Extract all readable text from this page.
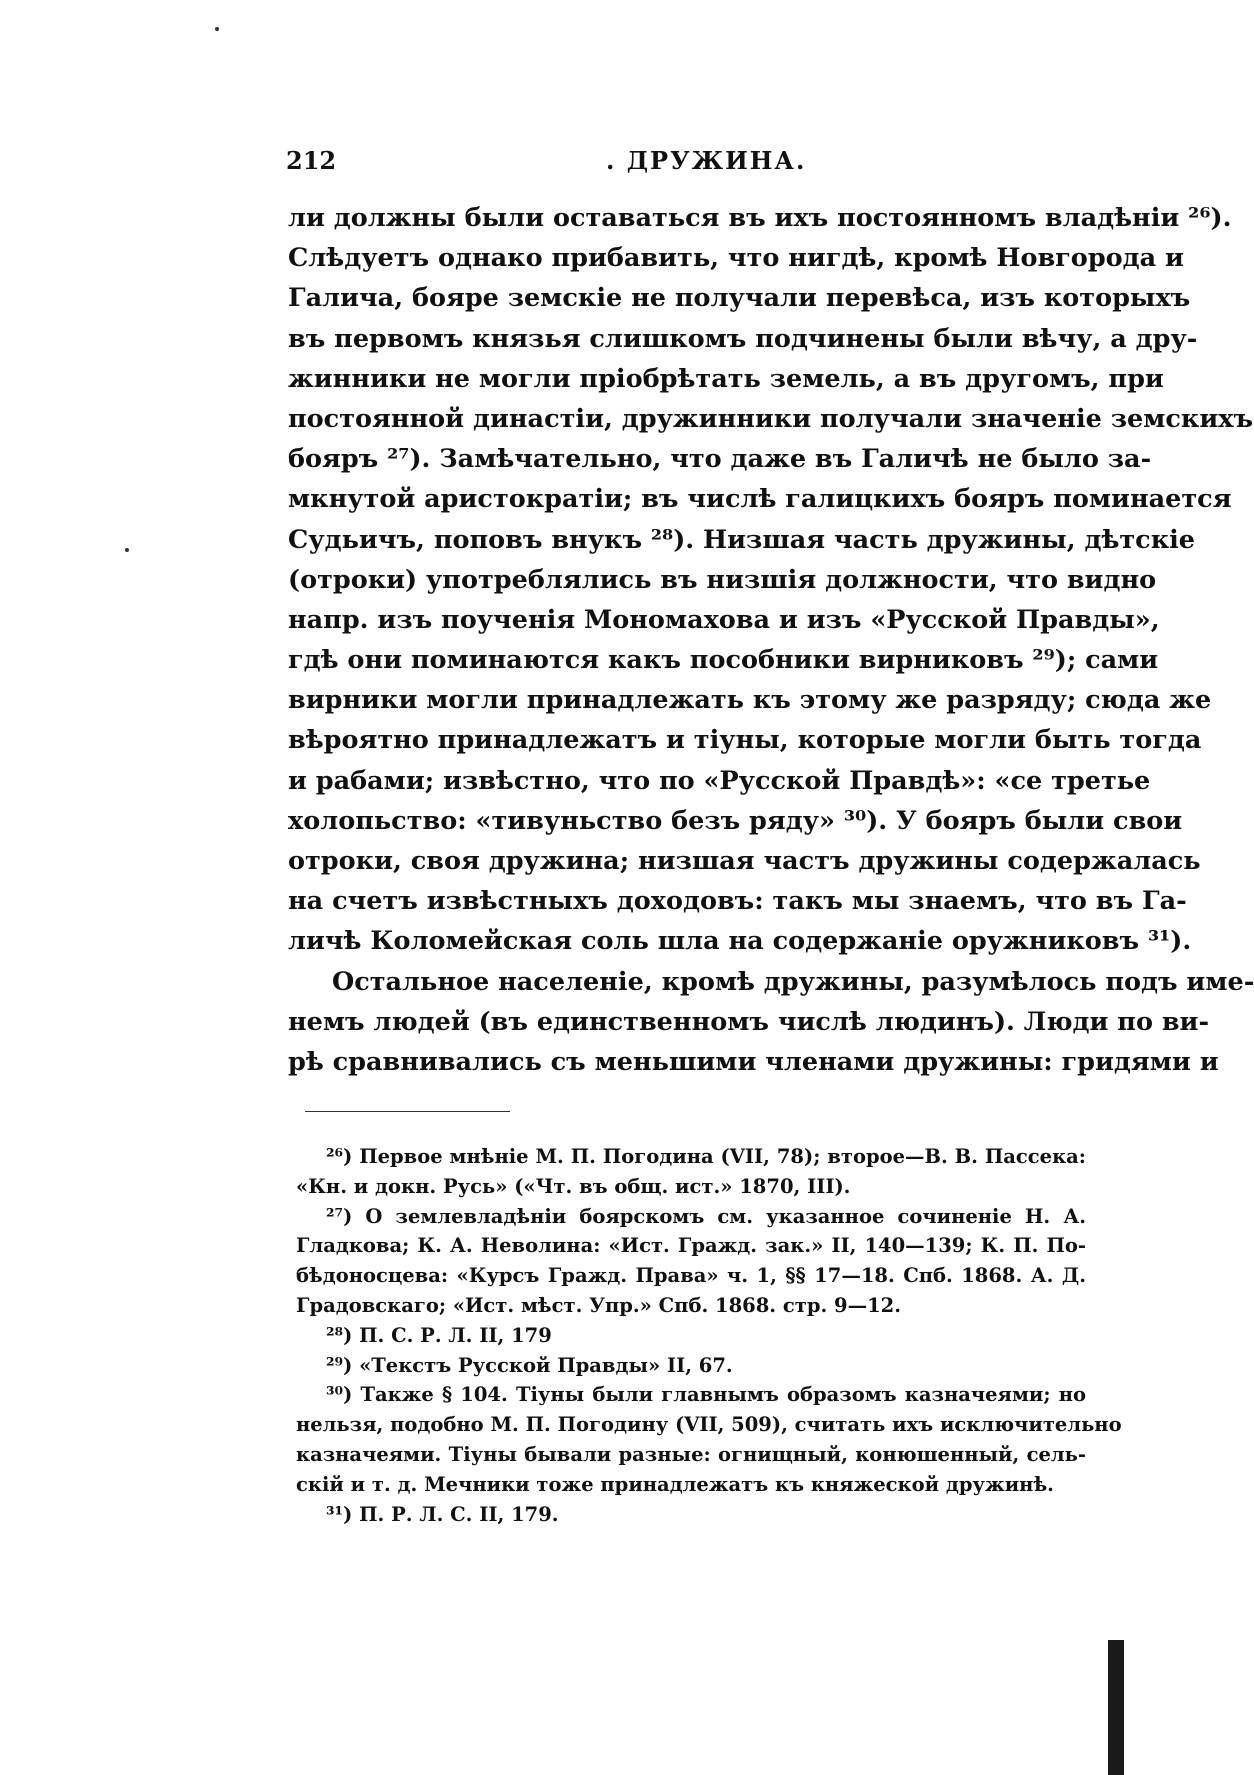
212	. ДРУЖИНА.
ли должны были оставаться въ ихъ постоянномъ владѣніи ²⁶).
Слѣдуетъ однако прибавить, что нигдѣ, кромѣ Новгорода и
Галича, бояре земскіе не получали перевѣса, изъ которыхъ
въ первомъ князья слишкомъ подчинены были вѣчу, а дру-
жинники не могли пріобрѣтать земель, а въ другомъ, при
постоянной династіи, дружинники получали значеніе земскихъ
бояръ ²⁷). Замѣчательно, что даже въ Галичѣ не было за-
мкнутой аристократіи; въ числѣ галицкихъ бояръ поминается
Судьичъ, поповъ внукъ ²⁸). Низшая часть дружины, дѣтскіе
(отроки) употреблялись въ низшія должности, что видно
напр. изъ поученія Мономахова и изъ «Русской Правды»,
гдѣ они поминаются какъ пособники вирниковъ ²⁹); сами
вирники могли принадлежать къ этому же разряду; сюда же
вѣроятно принадлежатъ и тіуны, которые могли быть тогда
и рабами; извѣстно, что по «Русской Правдѣ»: «се третье
холопьство: «тивуньство безъ ряду» ³⁰). У бояръ были свои
отроки, своя дружина; низшая частъ дружины содержалась
на счетъ извѣстныхъ доходовъ: такъ мы знаемъ, что въ Га-
личѣ Коломейская соль шла на содержаніе оружниковъ ³¹).
Остальное населеніе, кромѣ дружины, разумѣлось подъ име-
немъ людей (въ единственномъ числѣ людинъ). Люди по ви-
рѣ сравнивались съ меньшими членами дружины: гридями и
²⁶) Первое мнѣніе М. П. Погодина (VII, 78); второе—В. В. Пассека:
«Кн. и докн. Русь» («Чт. въ общ. ист.» 1870, III).
²⁷) О землевладѣніи боярскомъ см. указанное сочиненіе Н. А.
Гладкова; К. А. Неволина: «Ист. Гражд. зак.» II, 140—139; К. П. По-
бѣдоносцева: «Курсъ Гражд. Права» ч. 1, §§ 17—18. Спб. 1868. А. Д.
Градовскаго; «Ист. мѣст. Упр.» Спб. 1868. стр. 9—12.
²⁸) П. С. Р. Л. II, 179
²⁹) «Текстъ Русской Правды» II, 67.
³⁰) Также § 104. Тіуны были главнымъ образомъ казначеями; но
нельзя, подобно М. П. Погодину (VII, 509), считать ихъ исключительно
казначеями. Тіуны бывали разные: огнищный, конюшенный, сель-
скій и т. д. Мечники тоже принадлежатъ къ княжеской дружинѣ.
³¹) П. Р. Л. С. II, 179.
